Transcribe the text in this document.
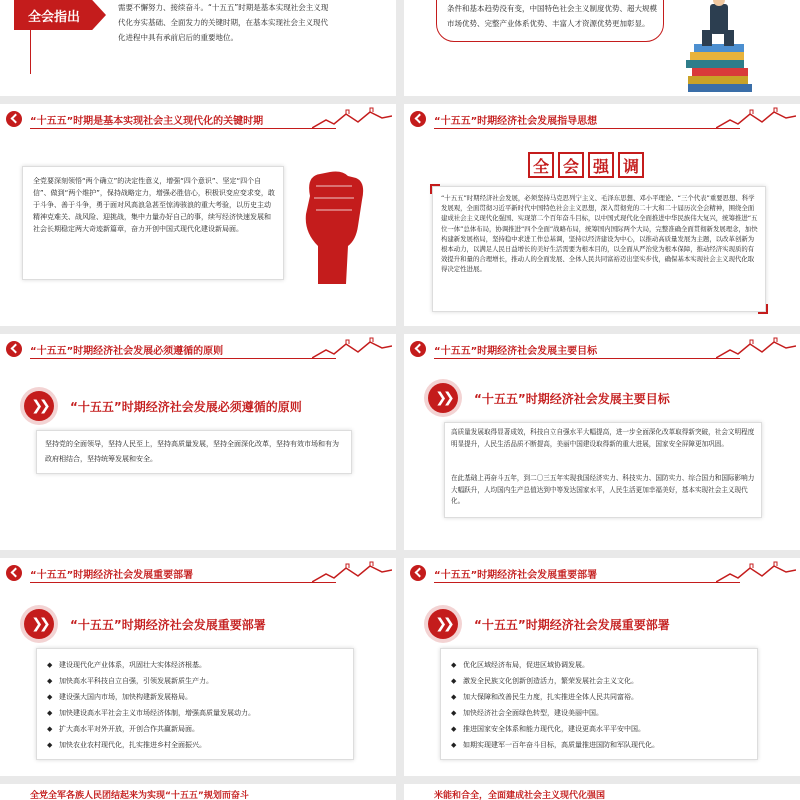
全会指出
需要不懈努力、接续奋斗。“十五五”时期是基本实现社会主义现代化夯实基础、全面发力的关键时期，在基本实现社会主义现代化进程中具有承前启后的重要地位。
条件和基本趋势没有变，中国特色社会主义制度优势、超大规模市场优势、完整产业体系优势、丰富人才资源优势更加彰显。
“十五五”时期是基本实现社会主义现代化的关键时期
全党要深刻领悟“两个确立”的决定性意义，增强“四个意识”、坚定“四个自信”、做到“两个维护”，保持战略定力，增强必胜信心，积极识变应变求变，敢于斗争、善于斗争，勇于面对风高浪急甚至惊涛骇浪的重大考验，以历史主动精神克难关、战风险、迎挑战，集中力量办好自己的事，续写经济快速发展和社会长期稳定两大奇迹新篇章，奋力开创中国式现代化建设新局面。
“十五五”时期经济社会发展指导思想
全 会 强 调
“十五五”时期经济社会发展，必须坚持马克思列宁主义、毛泽东思想、邓小平理论、“三个代表”重要思想、科学发展观，全面贯彻习近平新时代中国特色社会主义思想，深入贯彻党的二十大和二十届历次全会精神，围绕全面建成社会主义现代化强国、实现第二个百年奋斗目标，以中国式现代化全面推进中华民族伟大复兴，统筹推进“五位一体”总体布局，协调推进“四个全面”战略布局，统筹国内国际两个大局，完整准确全面贯彻新发展理念，加快构建新发展格局，坚持稳中求进工作总基调，坚持以经济建设为中心，以推动高质量发展为主题，以改革创新为根本动力，以满足人民日益增长的美好生活需要为根本目的，以全面从严治党为根本保障，推动经济实现质的有效提升和量的合理增长，推动人的全面发展、全体人民共同富裕迈出坚实步伐，确保基本实现社会主义现代化取得决定性进展。
“十五五”时期经济社会发展必须遵循的原则
❯❯	“十五五”时期经济社会发展必须遵循的原则
坚持党的全面领导，坚持人民至上，坚持高质量发展，坚持全面深化改革，坚持有效市场和有为政府相结合，坚持统筹发展和安全。
“十五五”时期经济社会发展主要目标
❯❯	“十五五”时期经济社会发展主要目标
高质量发展取得显著成效，科技自立自强水平大幅提高，进一步全面深化改革取得新突破，社会文明程度明显提升，人民生活品质不断提高，美丽中国建设取得新的重大进展，国家安全屏障更加巩固。
在此基础上再奋斗五年，到二〇三五年实现我国经济实力、科技实力、国防实力、综合国力和国际影响力大幅跃升，人均国内生产总值达到中等发达国家水平，人民生活更加幸福美好，基本实现社会主义现代化。
“十五五”时期经济社会发展重要部署
❯❯	“十五五”时期经济社会发展重要部署
◆ 建设现代化产业体系，巩固壮大实体经济根基。
◆ 加快高水平科技自立自强，引领发展新质生产力。
◆ 建设强大国内市场，加快构建新发展格局。
◆ 加快建设高水平社会主义市场经济体制，增强高质量发展动力。
◆ 扩大高水平对外开放，开创合作共赢新局面。
◆ 加快农业农村现代化，扎实推进乡村全面振兴。
“十五五”时期经济社会发展重要部署
❯❯	“十五五”时期经济社会发展重要部署
◆ 优化区域经济布局，促进区域协调发展。
◆ 激发全民族文化创新创造活力，繁荣发展社会主义文化。
◆ 加大保障和改善民生力度，扎实推进全体人民共同富裕。
◆ 加快经济社会全面绿色转型，建设美丽中国。
◆ 推进国家安全体系和能力现代化，建设更高水平平安中国。
◆ 如期实现建军一百年奋斗目标，高质量推进国防和军队现代化。
全党全军各族人民团结起来为实现“十五五”规划而奋斗	米能和合全，全面建成社会主义现代化强国
